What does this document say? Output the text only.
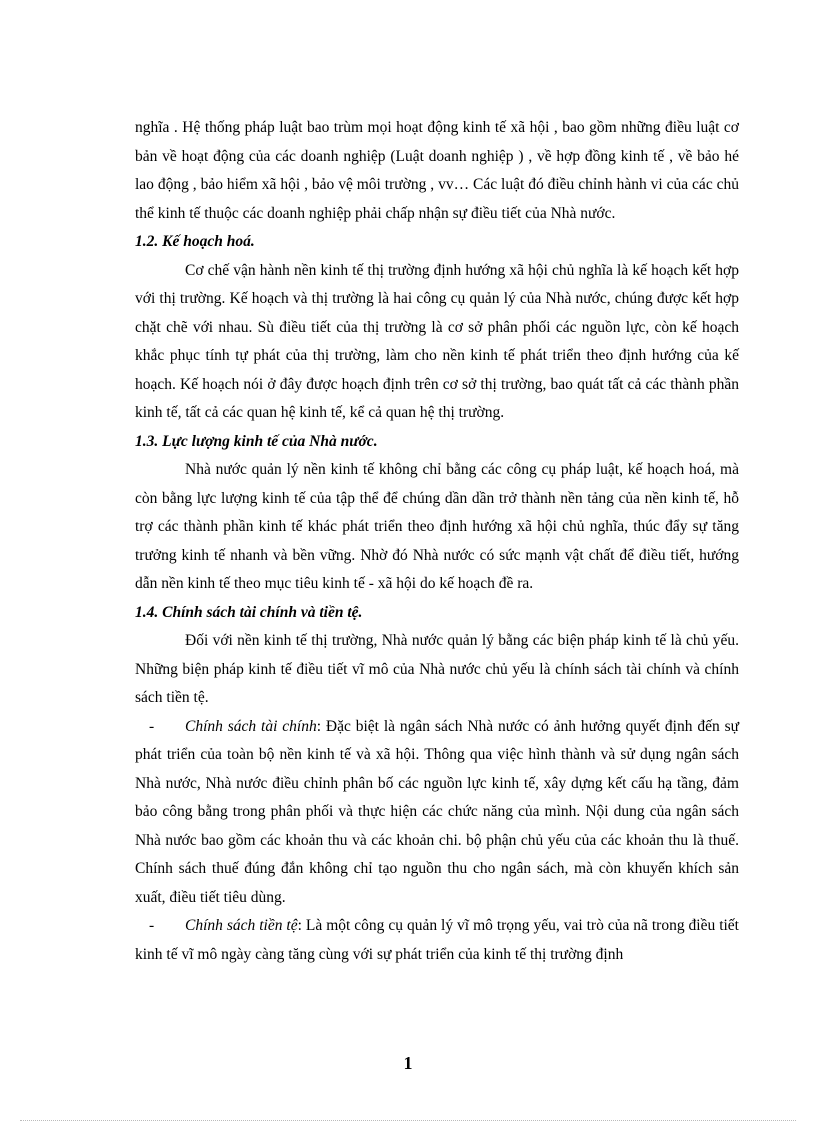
nghĩa . Hệ thống pháp luật bao trùm mọi hoạt động kinh tế xã hội , bao gồm những điều luật cơ bản về hoạt động của các doanh nghiệp (Luật doanh nghiệp ) , về hợp đồng kinh tế , về bảo hé lao động , bảo hiểm xã hội , bảo vệ môi trường , vv… Các luật đó điều chỉnh hành vi của các chủ thể kinh tế thuộc các doanh nghiệp phải chấp nhận sự điều tiết của Nhà nước.

1.2. Kế hoạch hoá.

Cơ chế vận hành nền kinh tế thị trường định hướng xã hội chủ nghĩa là kế hoạch kết hợp với thị trường. Kế hoạch và thị trường là hai công cụ quản lý của Nhà nước, chúng được kết hợp chặt chẽ với nhau. Sù điều tiết của thị trường là cơ sở phân phối các nguồn lực, còn kế hoạch khắc phục tính tự phát của thị trường, làm cho nền kinh tế phát triển theo định hướng của kế hoạch. Kế hoạch nói ở đây được hoạch định trên cơ sở thị trường, bao quát tất cả các thành phần kinh tế, tất cả các quan hệ kinh tế, kể cả quan hệ thị trường.

1.3. Lực lượng kinh tế của Nhà nước.

Nhà nước quản lý nền kinh tế không chỉ bằng các công cụ pháp luật, kế hoạch hoá, mà còn bằng lực lượng kinh tế của tập thể để chúng dần dần trở thành nền tảng của nền kinh tế, hỗ trợ các thành phần kinh tế khác phát triển theo định hướng xã hội chủ nghĩa, thúc đẩy sự tăng trưởng kinh tế nhanh và bền vững. Nhờ đó Nhà nước có sức mạnh vật chất để điều tiết, hướng dẫn nền kinh tế theo mục tiêu kinh tế - xã hội do kế hoạch đề ra.

1.4. Chính sách tài chính và tiền tệ.

Đối với nền kinh tế thị trường, Nhà nước quản lý bằng các biện pháp kinh tế là chủ yếu. Những biện pháp kinh tế điều tiết vĩ mô của Nhà nước chủ yếu là chính sách tài chính và chính sách tiền tệ.

- Chính sách tài chính: Đặc biệt là ngân sách Nhà nước có ảnh hưởng quyết định đến sự phát triển của toàn bộ nền kinh tế và xã hội. Thông qua việc hình thành và sử dụng ngân sách Nhà nước, Nhà nước điều chỉnh phân bố các nguồn lực kinh tế, xây dựng kết cấu hạ tầng, đảm bảo công bằng trong phân phối và thực hiện các chức năng của mình. Nội dung của ngân sách Nhà nước bao gồm các khoản thu và các khoản chi. bộ phận chủ yếu của các khoản thu là thuế. Chính sách thuế đúng đắn không chỉ tạo nguồn thu cho ngân sách, mà còn khuyến khích sản xuất, điều tiết tiêu dùng.

- Chính sách tiền tệ: Là một công cụ quản lý vĩ mô trọng yếu, vai trò của nã trong điều tiết kinh tế vĩ mô ngày càng tăng cùng với sự phát triển của kinh tế thị trường định

1
